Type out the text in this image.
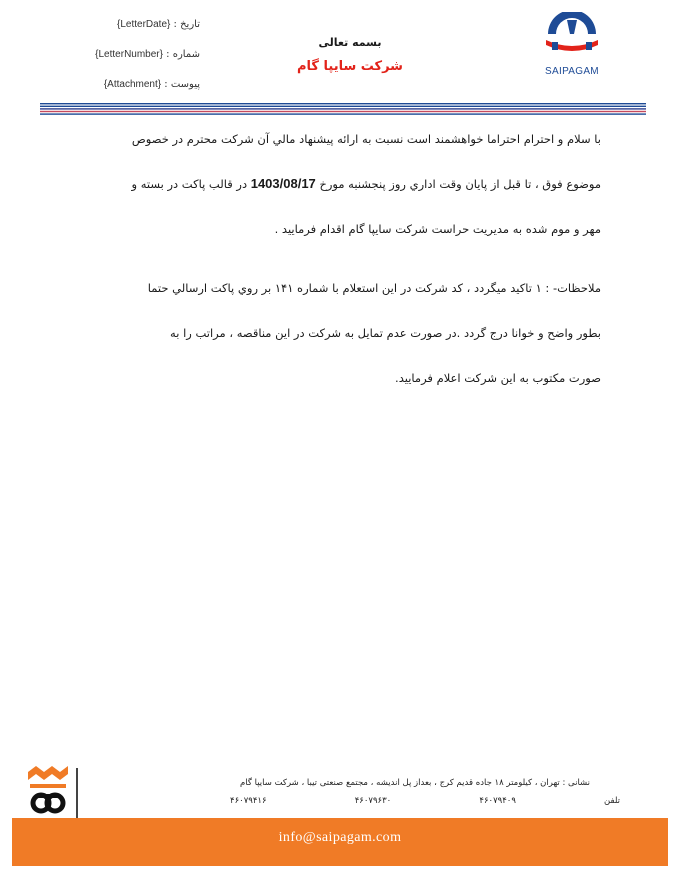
تاریخ : {LetterDate}
شماره : {LetterNumber}
پیوست : {Attachment}
بسمه تعالی
شرکت سایپا گام	SAIPAGAM
با سلام و احترام احتراما خواهشمند است نسبت به ارائه پیشنهاد مالي آن شرکت محترم در خصوص
موضوع فوق ، تا قبل از پايان وقت اداري روز پنجشنبه مورخ 1403/08/17 در قالب پاکت در بسته و
مهر و موم شده به مديريت حراست شرکت سايپا گام اقدام فرماييد .
ملاحظات- : ۱ تاکید میگردد ، کد شرکت در اين استعلام با شماره ۱۴۱ بر روي پاکت ارسالي حتما
بطور واضح و خوانا درج گردد .در صورت عدم تمايل به شرکت در اين مناقصه ، مراتب را به
صورت مکتوب به اين شرکت اعلام فرماييد.
نشانی : تهران ، کیلومتر ۱۸ جاده قدیم کرج ، بعداز پل اندیشه ، مجتمع صنعتی تیبا ، شرکت سایپا گام
تلفن
۴۶۰۷۹۴۰۹
۴۶۰۷۹۶۳۰
۴۶۰۷۹۴۱۶
info@saipagam.com
